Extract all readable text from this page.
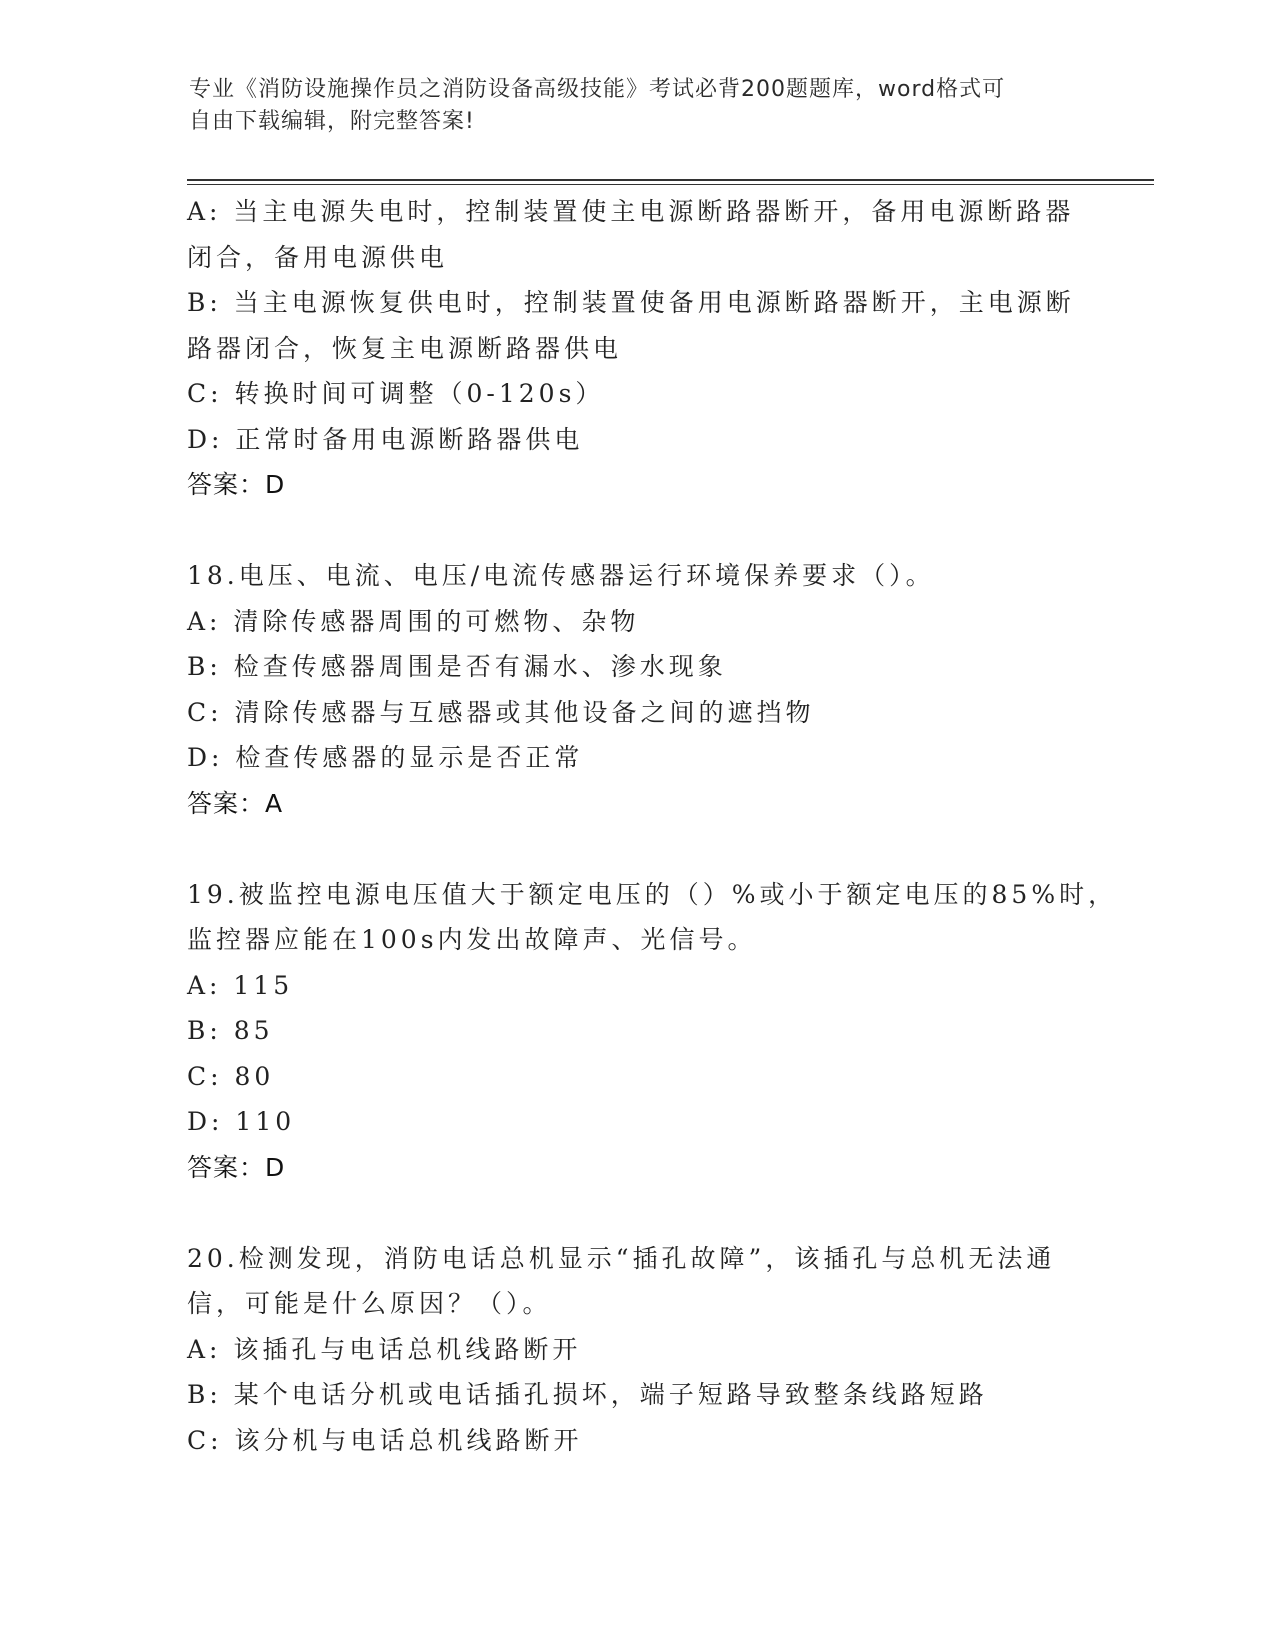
专业《消防设施操作员之消防设备高级技能》考试必背200题题库，word格式可
自由下载编辑，附完整答案!
A: 当主电源失电时，控制装置使主电源断路器断开，备用电源断路器
闭合，备用电源供电
B: 当主电源恢复供电时，控制装置使备用电源断路器断开，主电源断
路器闭合，恢复主电源断路器供电
C: 转换时间可调整（0-120s）
D: 正常时备用电源断路器供电
答案：D
18.电压、电流、电压/电流传感器运行环境保养要求（）。
A: 清除传感器周围的可燃物、杂物
B: 检查传感器周围是否有漏水、渗水现象
C: 清除传感器与互感器或其他设备之间的遮挡物
D: 检查传感器的显示是否正常
答案：A
19.被监控电源电压值大于额定电压的（）%或小于额定电压的85%时，
监控器应能在100s内发出故障声、光信号。
A: 115
B: 85
C: 80
D: 110
答案：D
20.检测发现，消防电话总机显示“插孔故障”，该插孔与总机无法通
信，可能是什么原因？（）。
A: 该插孔与电话总机线路断开
B: 某个电话分机或电话插孔损坏，端子短路导致整条线路短路
C: 该分机与电话总机线路断开
